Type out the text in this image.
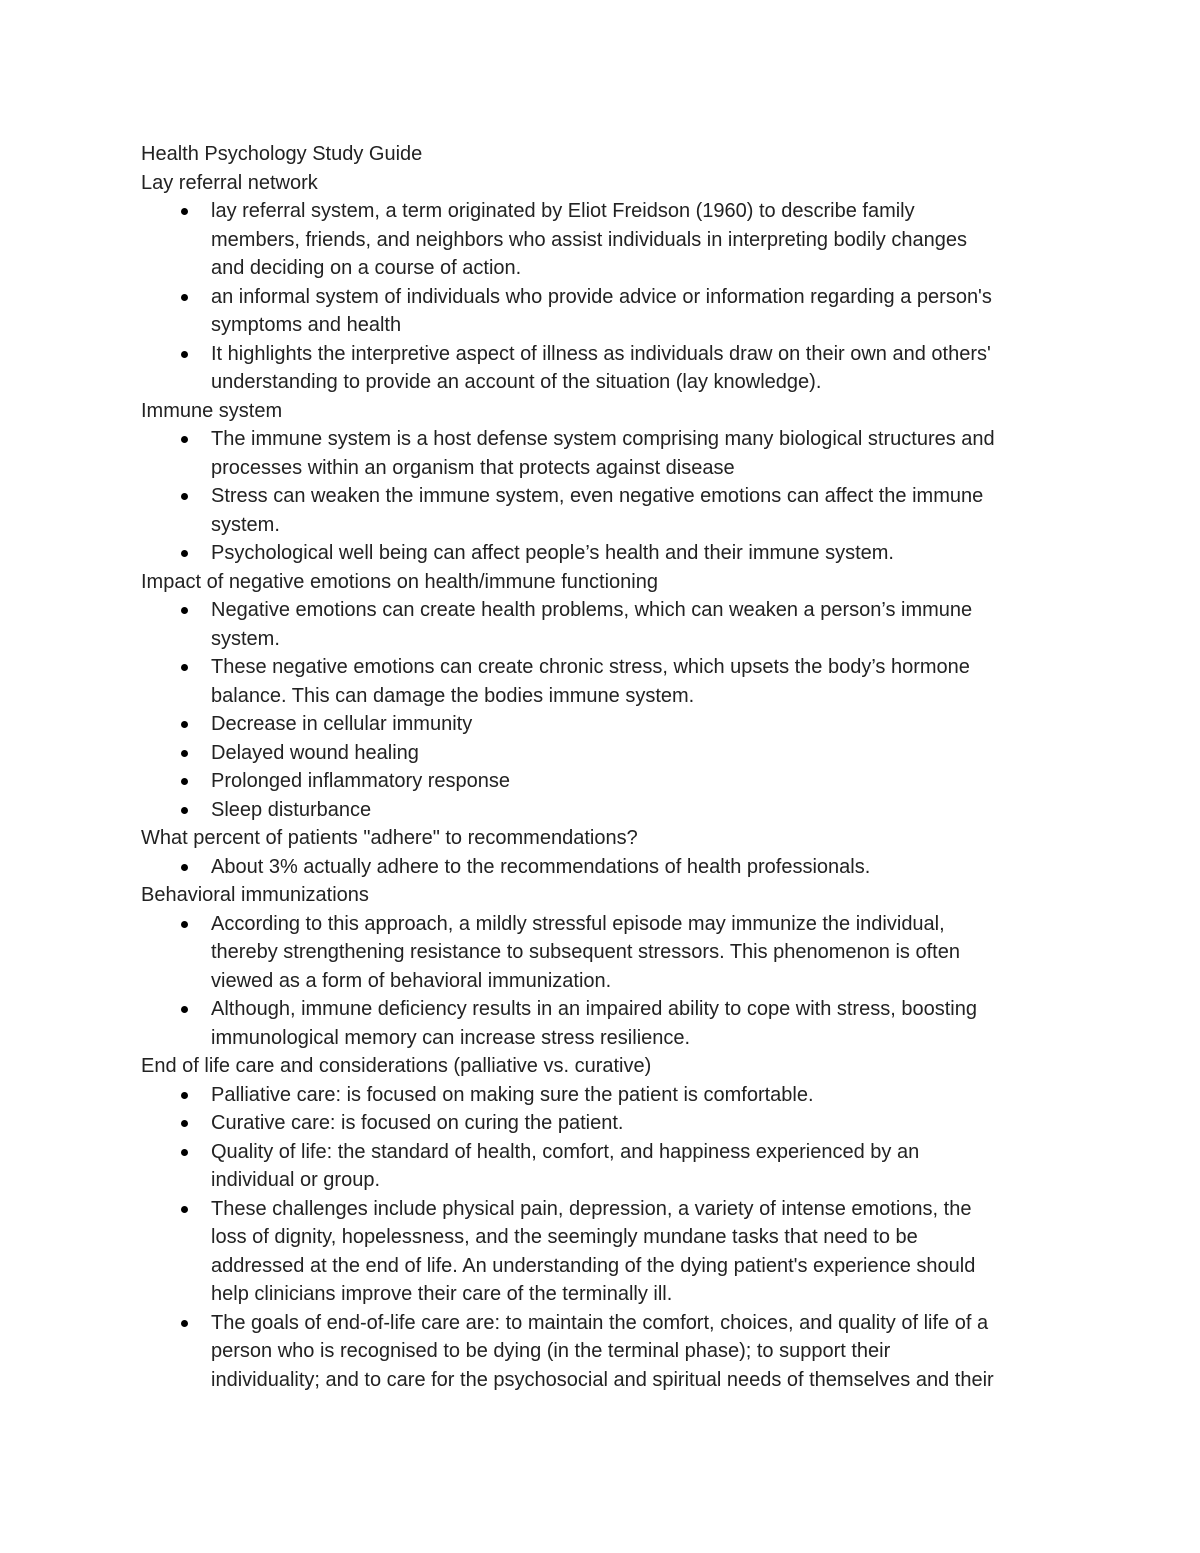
Health Psychology Study Guide

Lay referral network

lay referral system, a term originated by Eliot Freidson (1960) to describe family
members, friends, and neighbors who assist individuals in interpreting bodily changes
and deciding on a course of action.
an informal system of individuals who provide advice or information regarding a person's
symptoms and health
It highlights the interpretive aspect of illness as individuals draw on their own and others'
understanding to provide an account of the situation (lay knowledge).

Immune system

The immune system is a host defense system comprising many biological structures and
processes within an organism that protects against disease
Stress can weaken the immune system, even negative emotions can affect the immune
system.
Psychological well being can affect people’s health and their immune system.

Impact of negative emotions on health/immune functioning

Negative emotions can create health problems, which can weaken a person’s immune
system.
These negative emotions can create chronic stress, which upsets the body’s hormone
balance. This can damage the bodies immune system.
Decrease in cellular immunity
Delayed wound healing
Prolonged inflammatory response
Sleep disturbance

What percent of patients "adhere" to recommendations?

About 3% actually adhere to the recommendations of health professionals.

Behavioral immunizations

According to this approach, a mildly stressful episode may immunize the individual,
thereby strengthening resistance to subsequent stressors. This phenomenon is often
viewed as a form of behavioral immunization.
Although, immune deficiency results in an impaired ability to cope with stress, boosting
immunological memory can increase stress resilience.

End of life care and considerations (palliative vs. curative)

Palliative care: is focused on making sure the patient is comfortable.
Curative care: is focused on curing the patient.
Quality of life: the standard of health, comfort, and happiness experienced by an
individual or group.
These challenges include physical pain, depression, a variety of intense emotions, the
loss of dignity, hopelessness, and the seemingly mundane tasks that need to be
addressed at the end of life. An understanding of the dying patient's experience should
help clinicians improve their care of the terminally ill.
The goals of end-of-life care are: to maintain the comfort, choices, and quality of life of a
person who is recognised to be dying (in the terminal phase); to support their
individuality; and to care for the psychosocial and spiritual needs of themselves and their
